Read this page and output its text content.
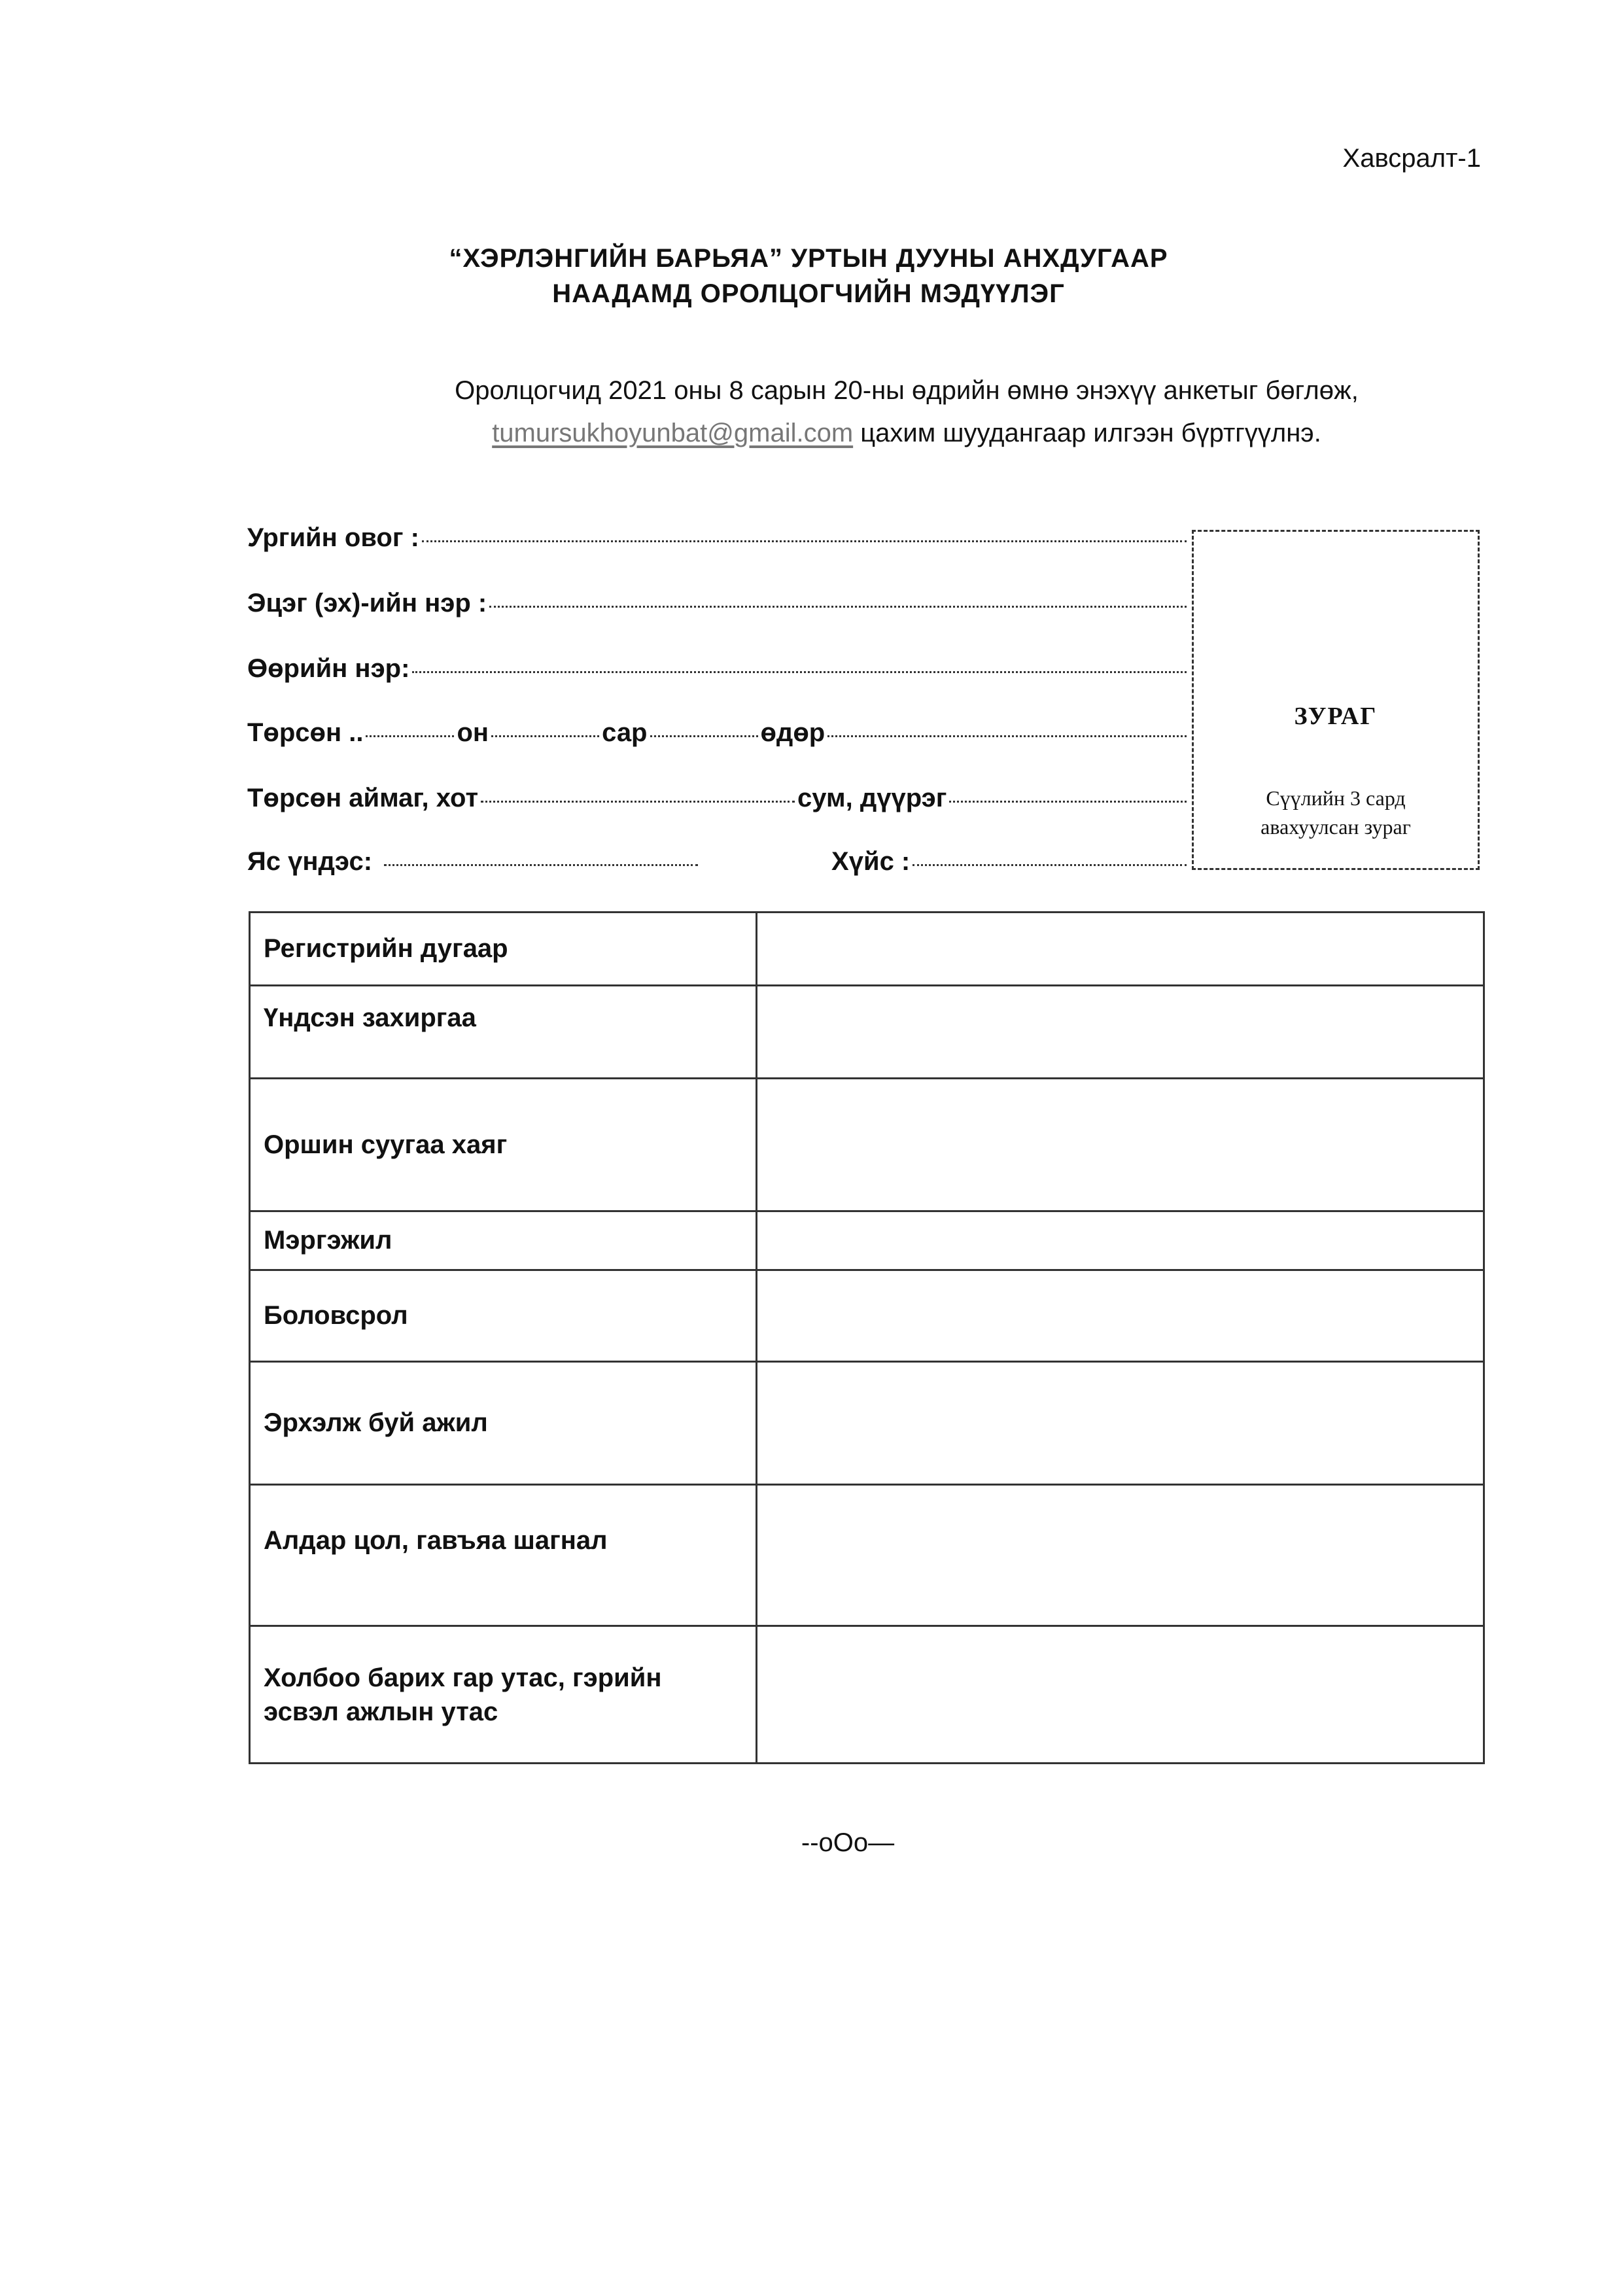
Хавсралт-1
“ХЭРЛЭНГИЙН БАРЬЯА” УРТЫН ДУУНЫ АНХДУГААР
НААДАМД ОРОЛЦОГЧИЙН МЭДҮҮЛЭГ
Оролцогчид 2021 оны 8 сарын 20-ны өдрийн өмнө энэхүү анкетыг бөглөж,
tumursukhoyunbat@gmail.com цахим шуудангаар илгээн бүртгүүлнэ.
Ургийн овог :
Эцэг (эх)-ийн нэр :
Өөрийн нэр:
Төрсөн ..	он	сар	өдөр
Төрсөн аймаг, хот	сум, дүүрэг
Яс үндэс:	Хүйс :
ЗУРАГ
Сүүлийн 3 сард
авахуулсан зураг
Регистрийн дугаар	
Үндсэн захиргаа	
Оршин суугаа хаяг	
Мэргэжил	
Боловсрол	
Эрхэлж буй ажил	
Алдар цол, гавъяа шагнал	
Холбоо барих гар утас, гэрийн эсвэл ажлын утас	
--oOo—
